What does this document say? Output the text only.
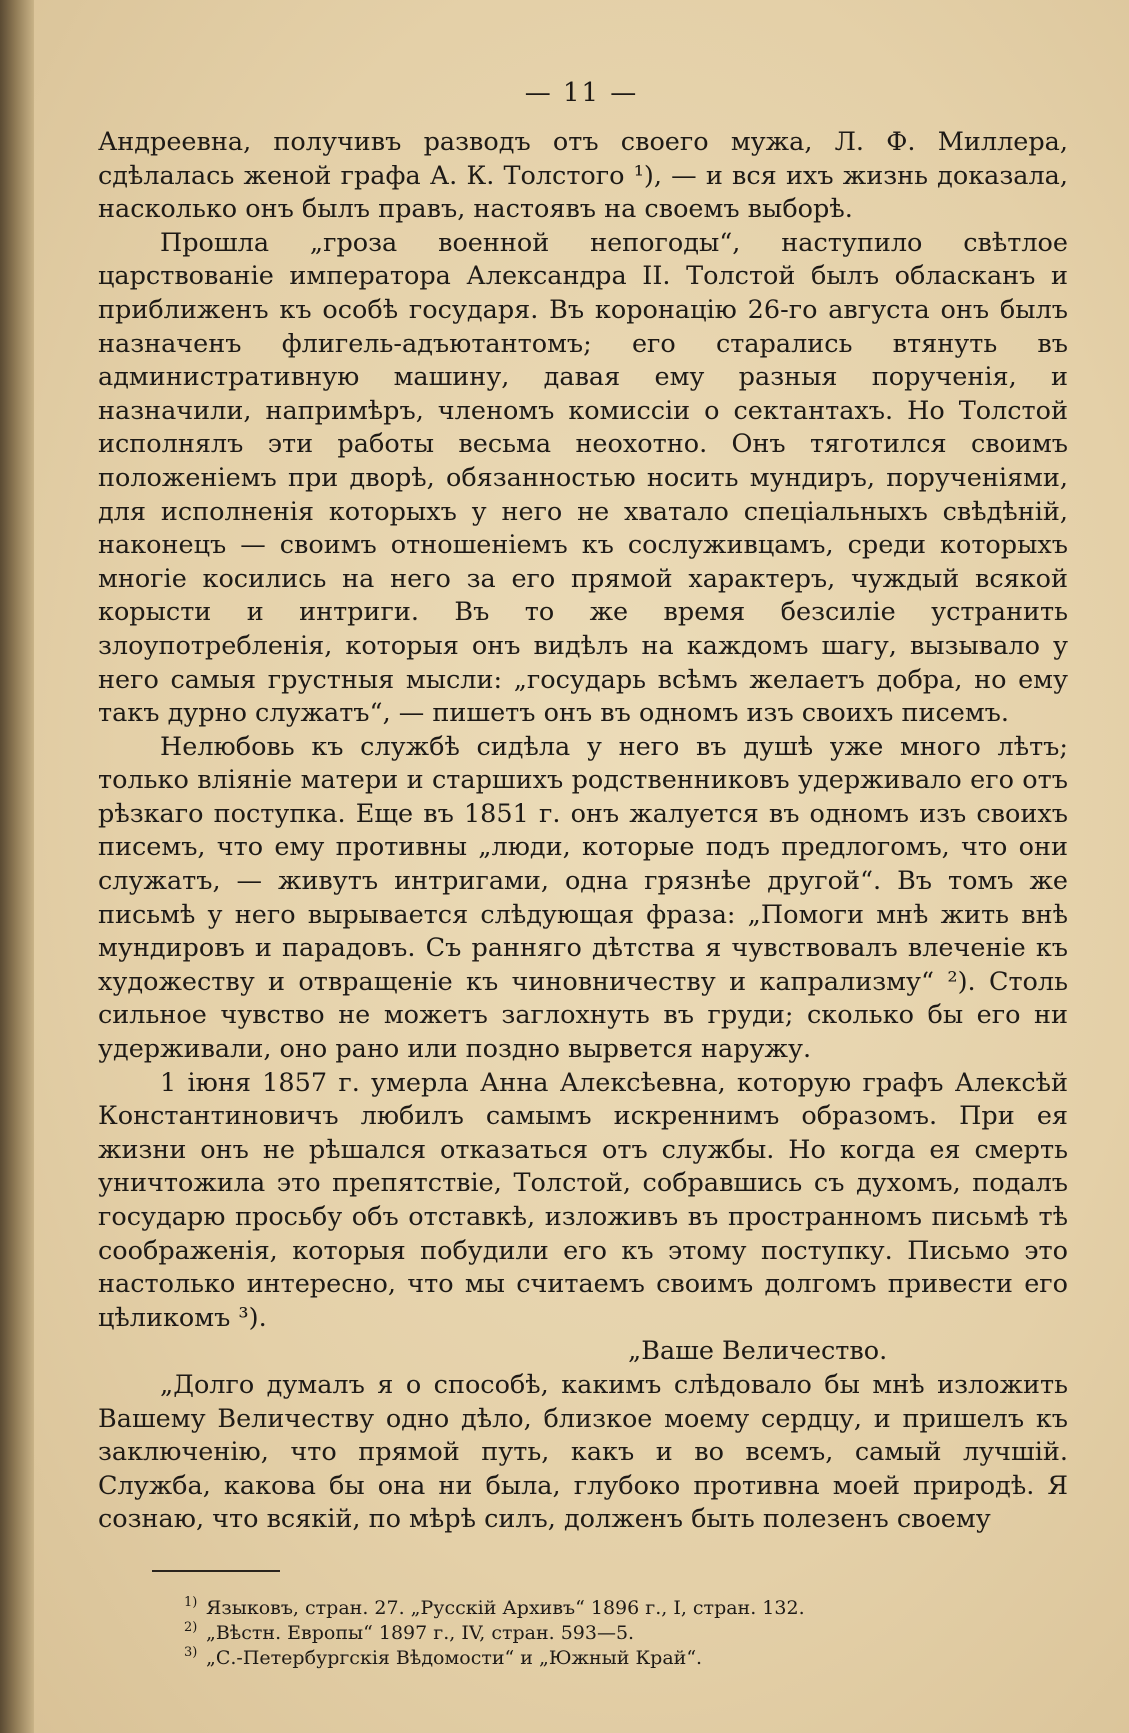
— 11 —

Андреевна, получивъ разводъ отъ своего мужа, Л. Ф. Миллера, сдѣлалась женой графа А. К. Толстого ¹), — и вся ихъ жизнь доказала, насколько онъ былъ правъ, настоявъ на своемъ выборѣ.

Прошла „гроза военной непогоды“, наступило свѣтлое царствованіе императора Александра II. Толстой былъ обласканъ и приближенъ къ особѣ государя. Въ коронацію 26-го августа онъ былъ назначенъ флигель-адъютантомъ; его старались втянуть въ административную машину, давая ему разныя порученія, и назначили, напримѣръ, членомъ комиссіи о сектантахъ. Но Толстой исполнялъ эти работы весьма неохотно. Онъ тяготился своимъ положеніемъ при дворѣ, обязанностью носить мундиръ, порученіями, для исполненія которыхъ у него не хватало спеціальныхъ свѣдѣній, наконецъ — своимъ отношеніемъ къ сослуживцамъ, среди которыхъ многіе косились на него за его прямой характеръ, чуждый всякой корысти и интриги. Въ то же время безсиліе устранить злоупотребленія, которыя онъ видѣлъ на каждомъ шагу, вызывало у него самыя грустныя мысли: „государь всѣмъ желаетъ добра, но ему такъ дурно служатъ“, — пишетъ онъ въ одномъ изъ своихъ писемъ.

Нелюбовь къ службѣ сидѣла у него въ душѣ уже много лѣтъ; только вліяніе матери и старшихъ родственниковъ удерживало его отъ рѣзкаго поступка. Еще въ 1851 г. онъ жалуется въ одномъ изъ своихъ писемъ, что ему противны „люди, которые подъ предлогомъ, что они служатъ, — живутъ интригами, одна грязнѣе другой“. Въ томъ же письмѣ у него вырывается слѣдующая фраза: „Помоги мнѣ жить внѣ мундировъ и парадовъ. Съ ранняго дѣтства я чувствовалъ влеченіе къ художеству и отвращеніе къ чиновничеству и капрализму“ ²). Столь сильное чувство не можетъ заглохнуть въ груди; сколько бы его ни удерживали, оно рано или поздно вырвется наружу.

1 іюня 1857 г. умерла Анна Алексѣевна, которую графъ Алексѣй Константиновичъ любилъ самымъ искреннимъ образомъ. При ея жизни онъ не рѣшался отказаться отъ службы. Но когда ея смерть уничтожила это препятствіе, Толстой, собравшись съ духомъ, подалъ государю просьбу объ отставкѣ, изложивъ въ пространномъ письмѣ тѣ соображенія, которыя побудили его къ этому поступку. Письмо это настолько интересно, что мы считаемъ своимъ долгомъ привести его цѣликомъ ³).

„Ваше Величество.

„Долго думалъ я о способѣ, какимъ слѣдовало бы мнѣ изложить Вашему Величеству одно дѣло, близкое моему сердцу, и пришелъ къ заключенію, что прямой путь, какъ и во всемъ, самый лучшій. Служба, какова бы она ни была, глубоко противна моей природѣ. Я сознаю, что всякій, по мѣрѣ силъ, долженъ быть полезенъ своему

1) Языковъ, стран. 27. „Русскій Архивъ“ 1896 г., I, стран. 132.
2) „Вѣстн. Европы“ 1897 г., IV, стран. 593—5.
3) „С.-Петербургскія Вѣдомости“ и „Южный Край“.
